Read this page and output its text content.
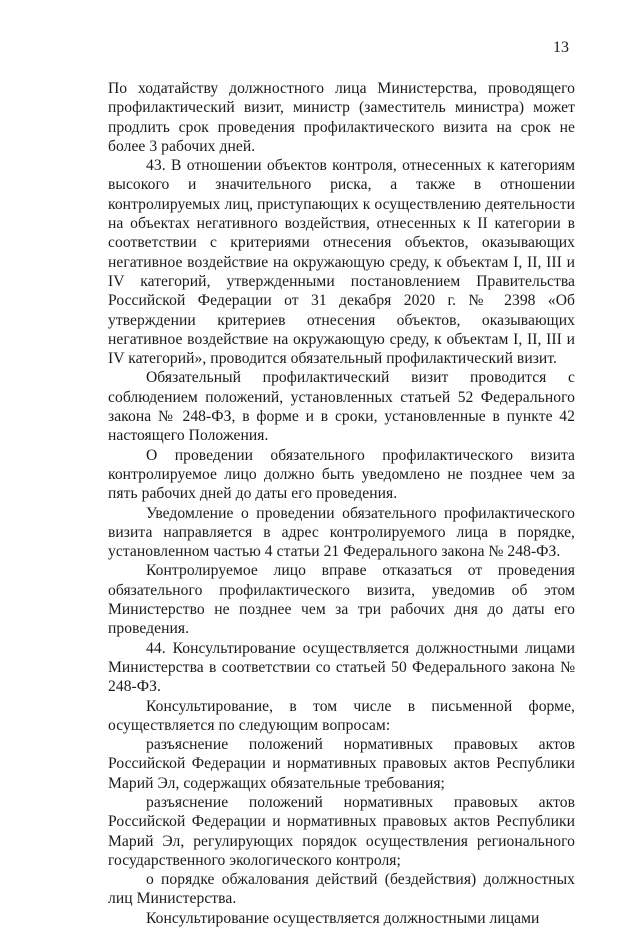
13

По ходатайству должностного лица Министерства, проводящего профилактический визит, министр (заместитель министра) может продлить срок проведения профилактического визита на срок не более 3 рабочих дней.

43. В отношении объектов контроля, отнесенных к категориям высокого и значительного риска, а также в отношении контролируемых лиц, приступающих к осуществлению деятельности на объектах негативного воздействия, отнесенных к II категории в соответствии с критериями отнесения объектов, оказывающих негативное воздействие на окружающую среду, к объектам I, II, III и IV категорий, утвержденными постановлением Правительства Российской Федерации от 31 декабря 2020 г. № 2398 «Об утверждении критериев отнесения объектов, оказывающих негативное воздействие на окружающую среду, к объектам I, II, III и IV категорий», проводится обязательный профилактический визит.

Обязательный профилактический визит проводится с соблюдением положений, установленных статьей 52 Федерального закона № 248-ФЗ, в форме и в сроки, установленные в пункте 42 настоящего Положения.

О проведении обязательного профилактического визита контролируемое лицо должно быть уведомлено не позднее чем за пять рабочих дней до даты его проведения.

Уведомление о проведении обязательного профилактического визита направляется в адрес контролируемого лица в порядке, установленном частью 4 статьи 21 Федерального закона № 248-ФЗ.

Контролируемое лицо вправе отказаться от проведения обязательного профилактического визита, уведомив об этом Министерство не позднее чем за три рабочих дня до даты его проведения.

44. Консультирование осуществляется должностными лицами Министерства в соответствии со статьей 50 Федерального закона № 248-ФЗ.

Консультирование, в том числе в письменной форме, осуществляется по следующим вопросам:

разъяснение положений нормативных правовых актов Российской Федерации и нормативных правовых актов Республики Марий Эл, содержащих обязательные требования;

разъяснение положений нормативных правовых актов Российской Федерации и нормативных правовых актов Республики Марий Эл, регулирующих порядок осуществления регионального государственного экологического контроля;

о порядке обжалования действий (бездействия) должностных лиц Министерства.

Консультирование осуществляется должностными лицами
